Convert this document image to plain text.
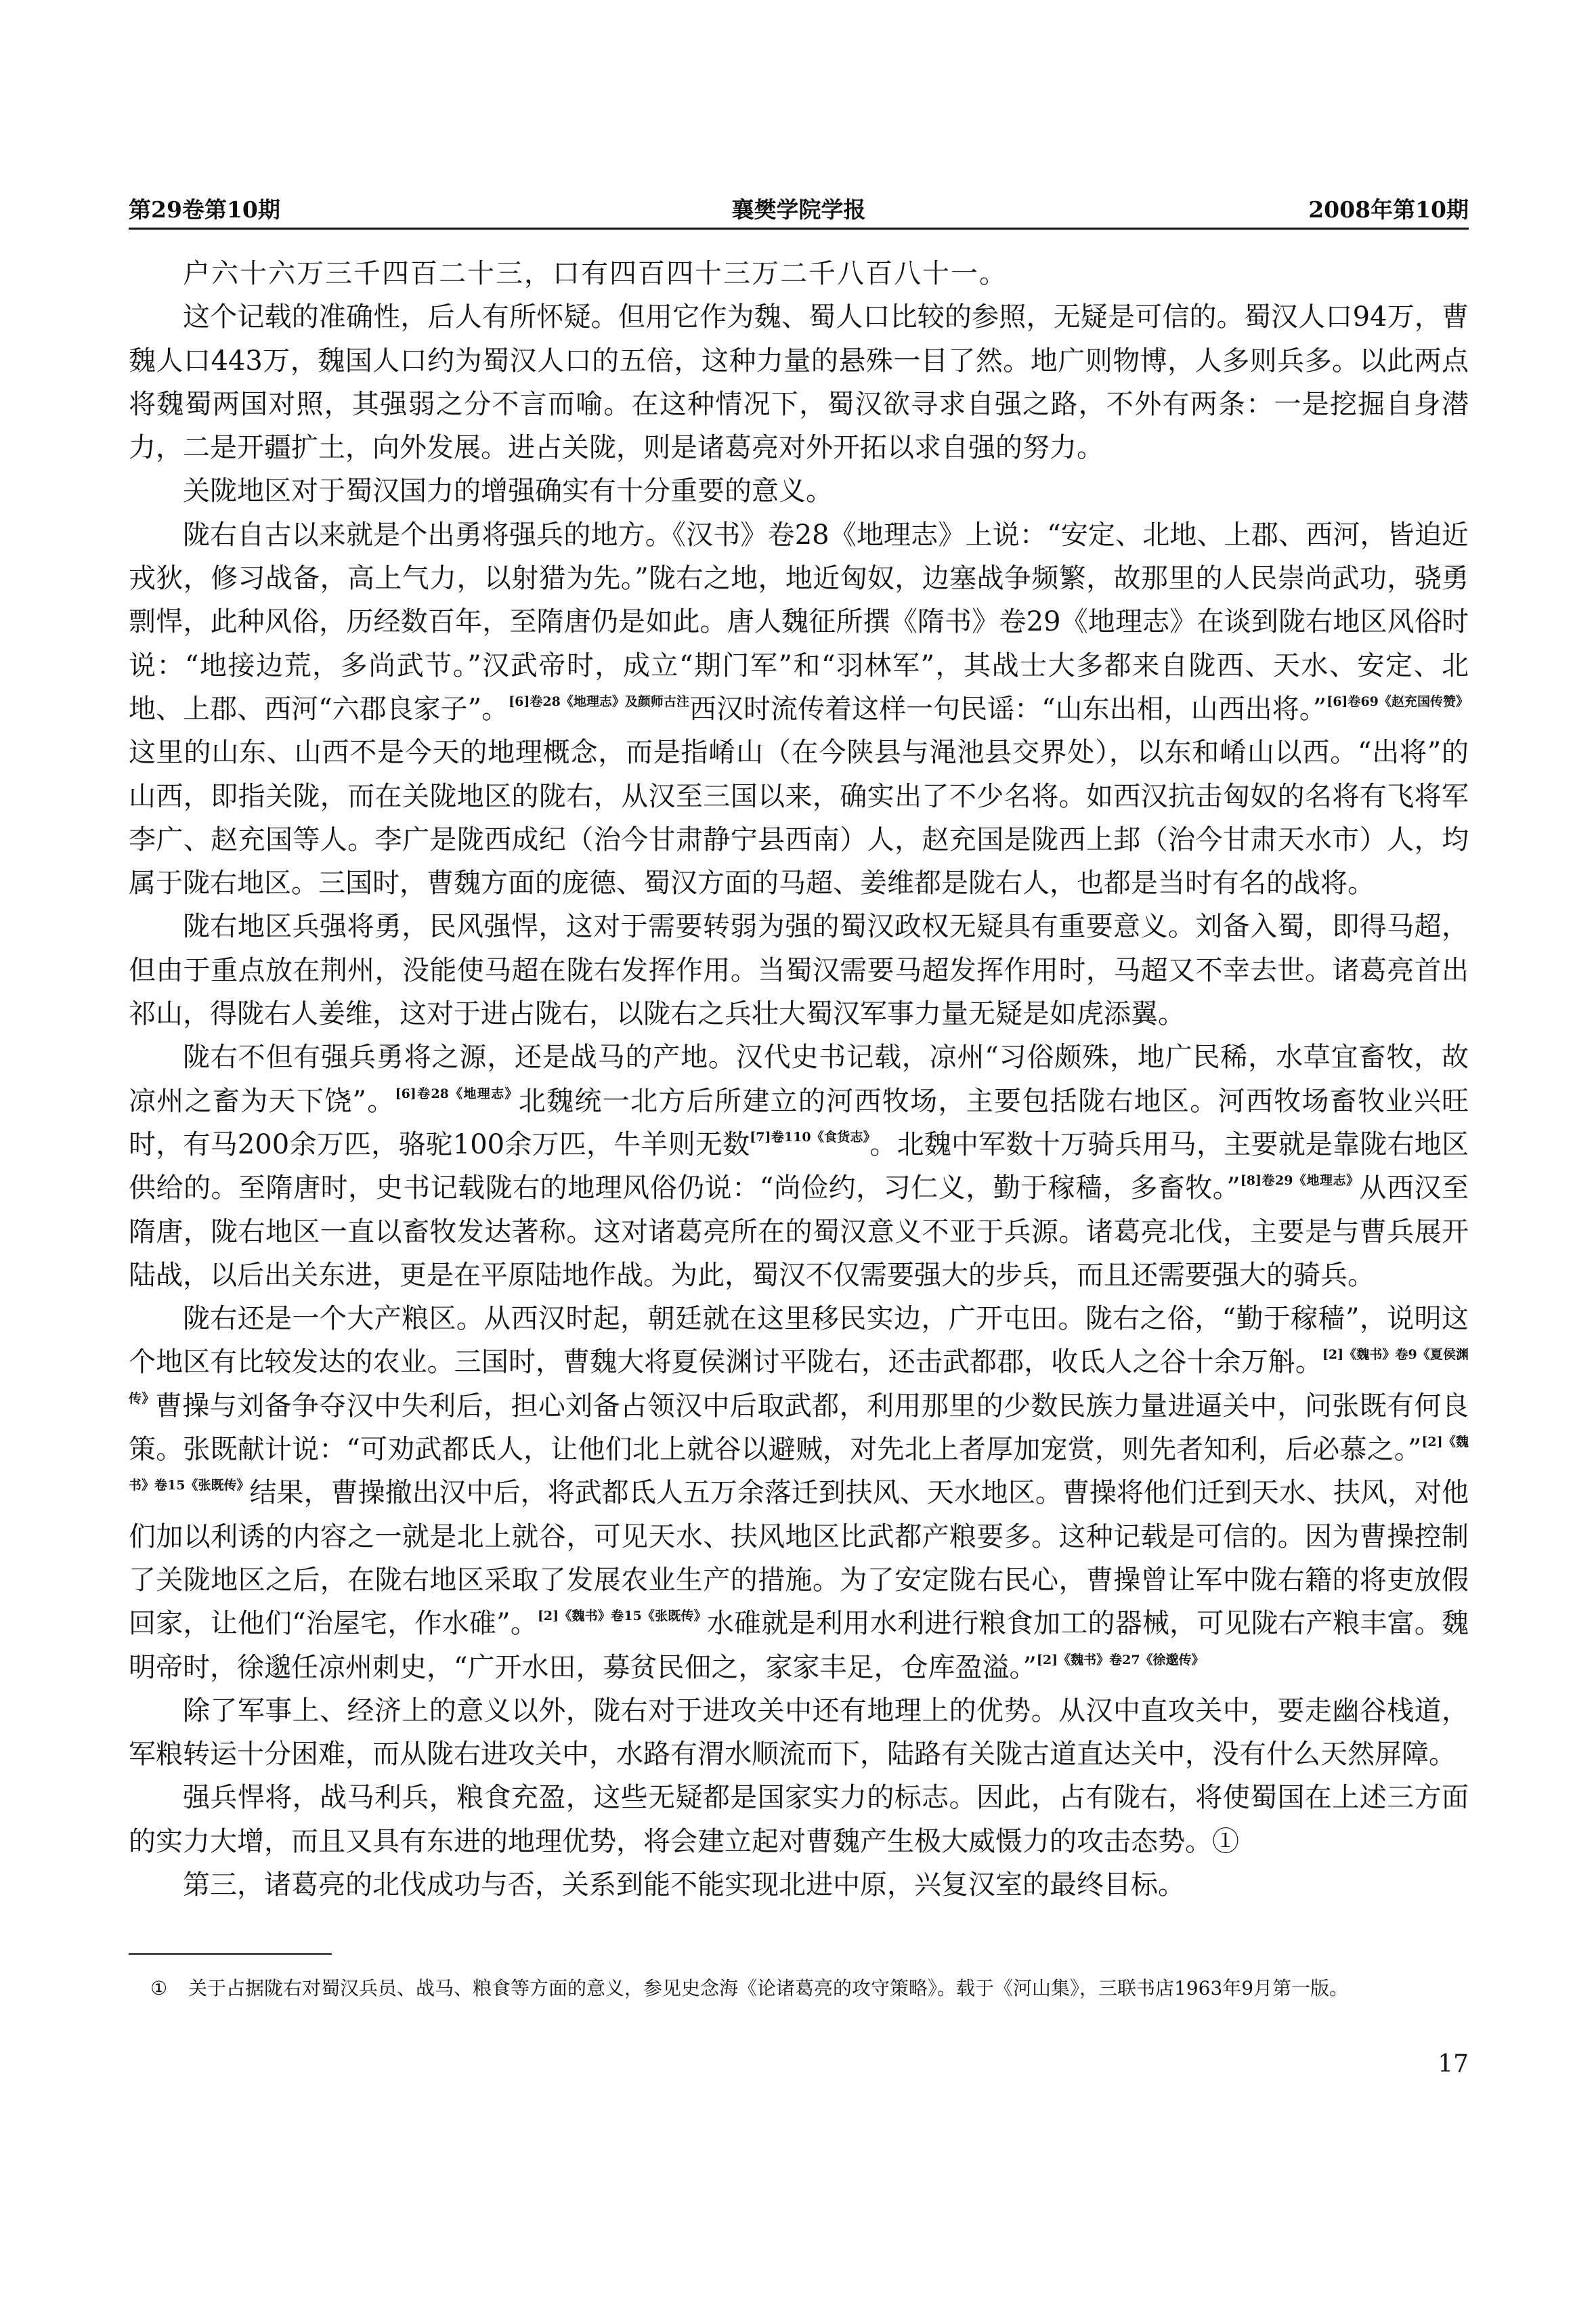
第29卷第10期	襄樊学院学报	2008年第10期

户六十六万三千四百二十三，口有四百四十三万二千八百八十一。

这个记载的准确性，后人有所怀疑。但用它作为魏、蜀人口比较的参照，无疑是可信的。蜀汉人口94万，曹魏人口443万，魏国人口约为蜀汉人口的五倍，这种力量的悬殊一目了然。地广则物博，人多则兵多。以此两点将魏蜀两国对照，其强弱之分不言而喻。在这种情况下，蜀汉欲寻求自强之路，不外有两条：一是挖掘自身潜力，二是开疆扩土，向外发展。进占关陇，则是诸葛亮对外开拓以求自强的努力。

关陇地区对于蜀汉国力的增强确实有十分重要的意义。

陇右自古以来就是个出勇将强兵的地方。《汉书》卷28《地理志》上说：“安定、北地、上郡、西河，皆迫近戎狄，修习战备，高上气力，以射猎为先。”陇右之地，地近匈奴，边塞战争频繁，故那里的人民崇尚武功，骁勇剽悍，此种风俗，历经数百年，至隋唐仍是如此。唐人魏征所撰《隋书》卷29《地理志》在谈到陇右地区风俗时说：“地接边荒，多尚武节。”汉武帝时，成立“期门军”和“羽林军”，其战士大多都来自陇西、天水、安定、北地、上郡、西河“六郡良家子”。$^{[6]卷28《地理志》及颜师古注}$西汉时流传着这样一句民谣：“山东出相，山西出将。”$^{[6]卷69《赵充国传赞》}$这里的山东、山西不是今天的地理概念，而是指崤山（在今陕县与渑池县交界处），以东和崤山以西。“出将”的山西，即指关陇，而在关陇地区的陇右，从汉至三国以来，确实出了不少名将。如西汉抗击匈奴的名将有飞将军李广、赵充国等人。李广是陇西成纪（治今甘肃静宁县西南）人，赵充国是陇西上邽（治今甘肃天水市）人，均属于陇右地区。三国时，曹魏方面的庞德、蜀汉方面的马超、姜维都是陇右人，也都是当时有名的战将。

陇右地区兵强将勇，民风强悍，这对于需要转弱为强的蜀汉政权无疑具有重要意义。刘备入蜀，即得马超，但由于重点放在荆州，没能使马超在陇右发挥作用。当蜀汉需要马超发挥作用时，马超又不幸去世。诸葛亮首出祁山，得陇右人姜维，这对于进占陇右，以陇右之兵壮大蜀汉军事力量无疑是如虎添翼。

陇右不但有强兵勇将之源，还是战马的产地。汉代史书记载，凉州“习俗颇殊，地广民稀，水草宜畜牧，故凉州之畜为天下饶”。$^{[6]卷28《地理志》}$北魏统一北方后所建立的河西牧场，主要包括陇右地区。河西牧场畜牧业兴旺时，有马200余万匹，骆驼100余万匹，牛羊则无数$^{[7]卷110《食货志》}$。北魏中军数十万骑兵用马，主要就是靠陇右地区供给的。至隋唐时，史书记载陇右的地理风俗仍说：“尚俭约，习仁义，勤于稼穑，多畜牧。”$^{[8]卷29《地理志》}$从西汉至隋唐，陇右地区一直以畜牧发达著称。这对诸葛亮所在的蜀汉意义不亚于兵源。诸葛亮北伐，主要是与曹兵展开陆战，以后出关东进，更是在平原陆地作战。为此，蜀汉不仅需要强大的步兵，而且还需要强大的骑兵。

陇右还是一个大产粮区。从西汉时起，朝廷就在这里移民实边，广开屯田。陇右之俗，“勤于稼穑”，说明这个地区有比较发达的农业。三国时，曹魏大将夏侯渊讨平陇右，还击武都郡，收氐人之谷十余万斛。$^{[2]《魏书》卷9《夏侯渊传》}$曹操与刘备争夺汉中失利后，担心刘备占领汉中后取武都，利用那里的少数民族力量进逼关中，问张既有何良策。张既献计说：“可劝武都氐人，让他们北上就谷以避贼，对先北上者厚加宠赏，则先者知利，后必慕之。”$^{[2]《魏书》卷15《张既传》}$结果，曹操撤出汉中后，将武都氐人五万余落迁到扶风、天水地区。曹操将他们迁到天水、扶风，对他们加以利诱的内容之一就是北上就谷，可见天水、扶风地区比武都产粮要多。这种记载是可信的。因为曹操控制了关陇地区之后，在陇右地区采取了发展农业生产的措施。为了安定陇右民心，曹操曾让军中陇右籍的将吏放假回家，让他们“治屋宅，作水碓”。$^{[2]《魏书》卷15《张既传》}$水碓就是利用水利进行粮食加工的器械，可见陇右产粮丰富。魏明帝时，徐邈任凉州刺史，“广开水田，募贫民佃之，家家丰足，仓库盈溢。”$^{[2]《魏书》卷27《徐邈传》}$

除了军事上、经济上的意义以外，陇右对于进攻关中还有地理上的优势。从汉中直攻关中，要走幽谷栈道，军粮转运十分困难，而从陇右进攻关中，水路有渭水顺流而下，陆路有关陇古道直达关中，没有什么天然屏障。

强兵悍将，战马利兵，粮食充盈，这些无疑都是国家实力的标志。因此，占有陇右，将使蜀国在上述三方面的实力大增，而且又具有东进的地理优势，将会建立起对曹魏产生极大威慑力的攻击态势。①

第三，诸葛亮的北伐成功与否，关系到能不能实现北进中原，兴复汉室的最终目标。

①	关于占据陇右对蜀汉兵员、战马、粮食等方面的意义，参见史念海《论诸葛亮的攻守策略》。载于《河山集》，三联书店1963年9月第一版。
17
